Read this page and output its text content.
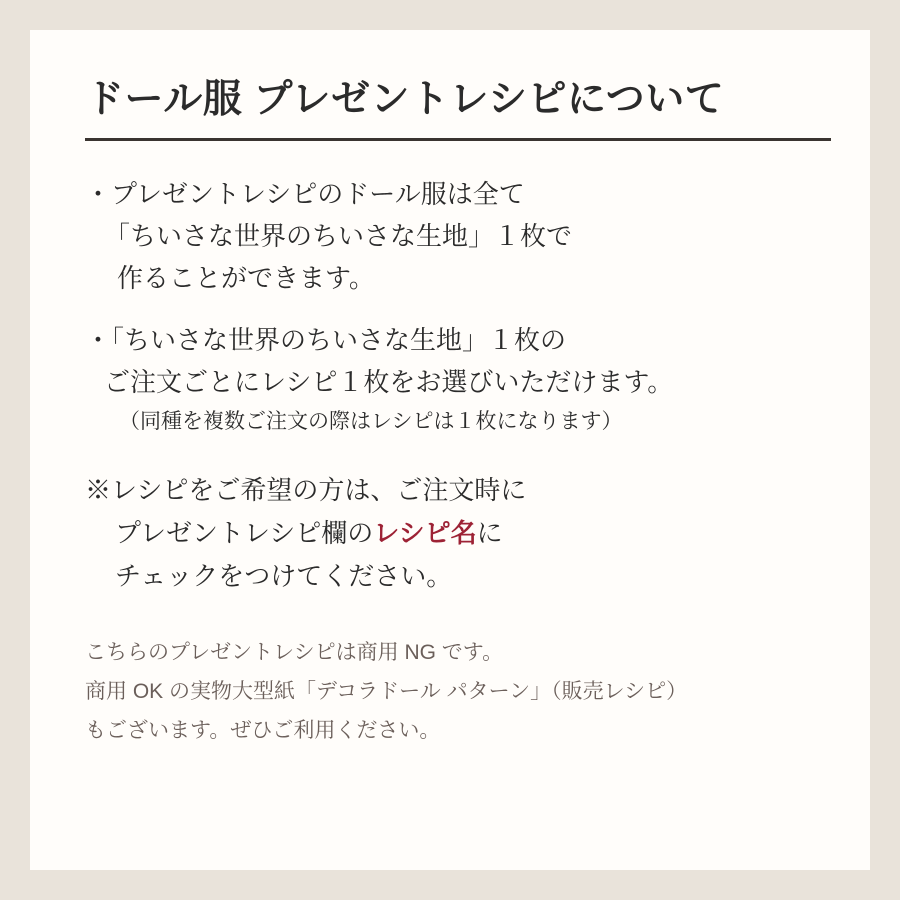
ドール服 プレゼントレシピについて
・プレゼントレシピのドール服は全て
「ちいさな世界のちいさな生地」１枚で
作ることができます。
・「ちいさな世界のちいさな生地」１枚の
ご注文ごとにレシピ１枚をお選びいただけます。
（同種を複数ご注文の際はレシピは１枚になります）
※レシピをご希望の方は、ご注文時に
プレゼントレシピ欄のレシピ名に
チェックをつけてください。
こちらのプレゼントレシピは商用 NG です。
商用 OK の実物大型紙「デコラドール パターン」（販売レシピ）
もございます。ぜひご利用ください。
